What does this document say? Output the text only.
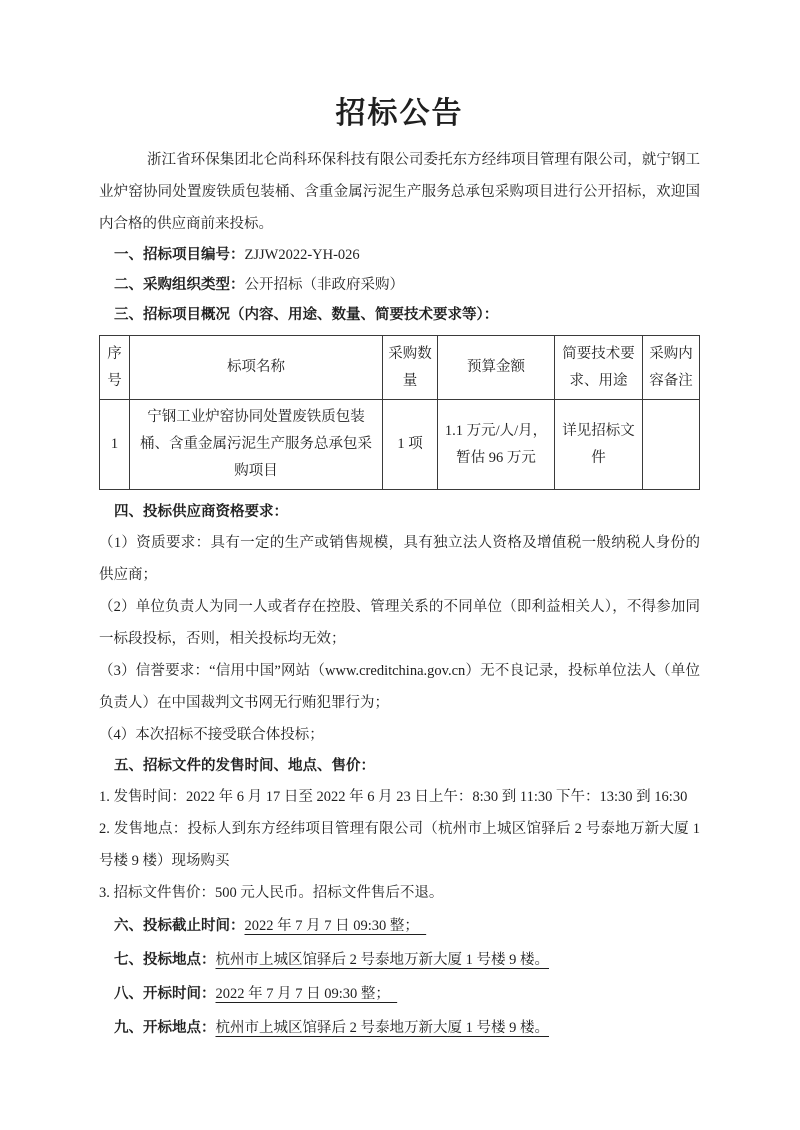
招标公告

浙江省环保集团北仑尚科环保科技有限公司委托东方经纬项目管理有限公司，就宁钢工业炉窑协同处置废铁质包装桶、含重金属污泥生产服务总承包采购项目进行公开招标，欢迎国内合格的供应商前来投标。

一、招标项目编号：ZJJW2022-YH-026

二、采购组织类型：公开招标（非政府采购）

三、招标项目概况（内容、用途、数量、简要技术要求等）：

序号	标项名称	采购数量	预算金额	简要技术要求、用途	采购内容备注
1	宁钢工业炉窑协同处置废铁质包装桶、含重金属污泥生产服务总承包采购项目	1 项	1.1 万元/人/月，暂估 96 万元	详见招标文件	

四、投标供应商资格要求：

（1）资质要求：具有一定的生产或销售规模，具有独立法人资格及增值税一般纳税人身份的供应商；

（2）单位负责人为同一人或者存在控股、管理关系的不同单位（即利益相关人），不得参加同一标段投标，否则，相关投标均无效；

（3）信誉要求：“信用中国”网站（www.creditchina.gov.cn）无不良记录，投标单位法人（单位负责人）在中国裁判文书网无行贿犯罪行为；

（4）本次招标不接受联合体投标；

五、招标文件的发售时间、地点、售价：

1. 发售时间：2022 年 6 月 17 日至 2022 年 6 月 23 日上午：8:30 到 11:30 下午：13:30 到 16:30

2. 发售地点：投标人到东方经纬项目管理有限公司（杭州市上城区馆驿后 2 号泰地万新大厦 1 号楼 9 楼）现场购买

3. 招标文件售价：500 元人民币。招标文件售后不退。

六、投标截止时间：2022 年 7 月 7 日 09:30 整；

七、投标地点：杭州市上城区馆驿后 2 号泰地万新大厦 1 号楼 9 楼。

八、开标时间：2022 年 7 月 7 日 09:30 整；

九、开标地点：杭州市上城区馆驿后 2 号泰地万新大厦 1 号楼 9 楼。
